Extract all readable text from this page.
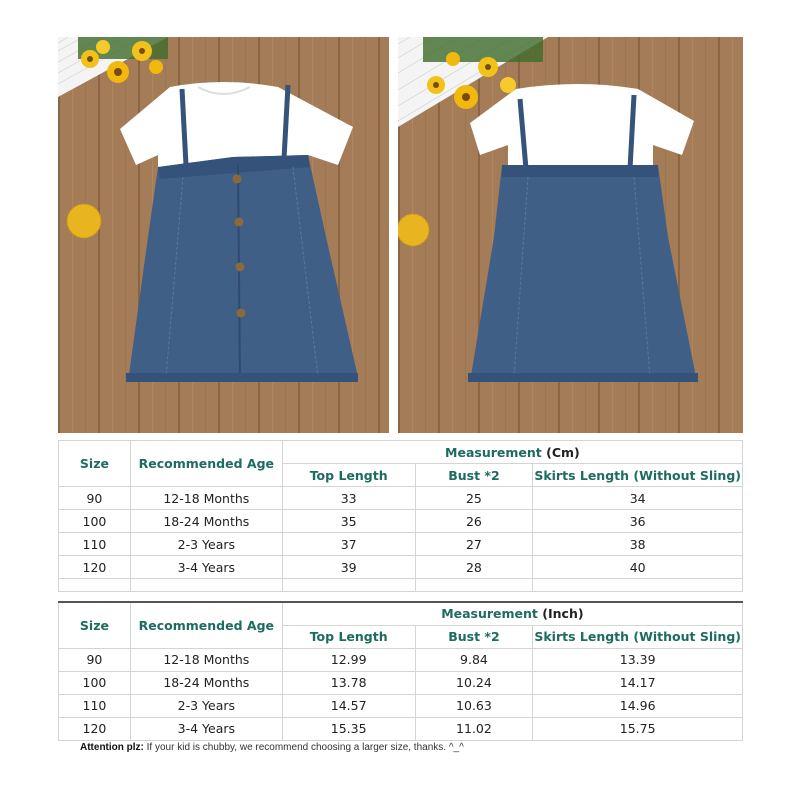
Size	Recommended Age	Measurement (Cm)		
		Top Length	Bust *2	Skirts Length (Without Sling)
90	12-18 Months	33	25	34
100	18-24 Months	35	26	36
110	2-3 Years	37	27	38
120	3-4 Years	39	28	40

Size	Recommended Age	Measurement (Inch)		
		Top Length	Bust *2	Skirts Length (Without Sling)
90	12-18 Months	12.99	9.84	13.39
100	18-24 Months	13.78	10.24	14.17
110	2-3 Years	14.57	10.63	14.96
120	3-4 Years	15.35	11.02	15.75
Attention plz: If your kid is chubby, we recommend choosing a larger size, thanks. ^_^
